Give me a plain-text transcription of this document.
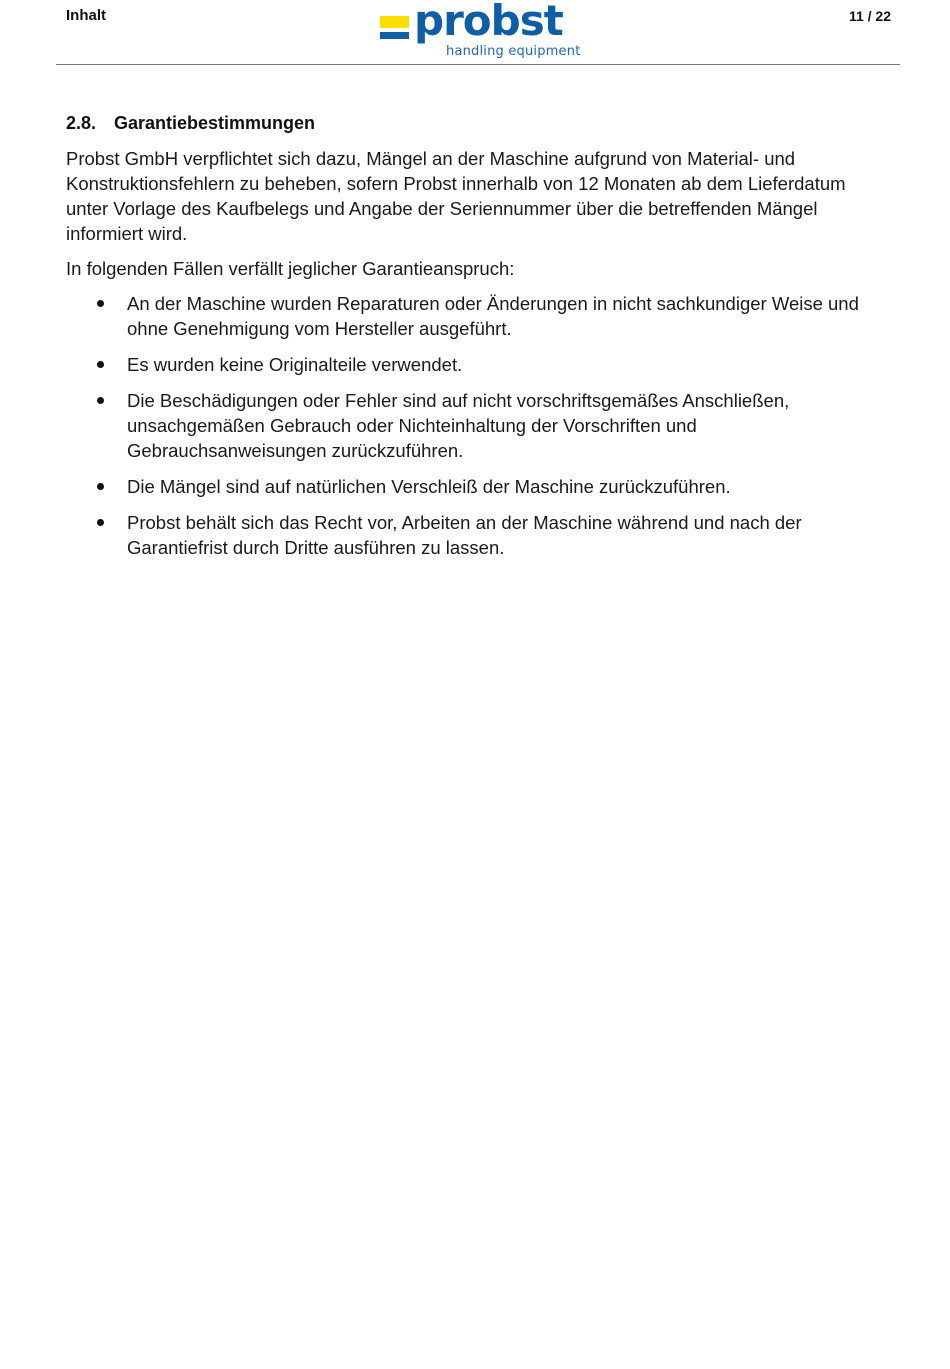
Inhalt	probst
handling equipment
11 / 22
2.8. Garantiebestimmungen

Probst GmbH verpflichtet sich dazu, Mängel an der Maschine aufgrund von Material- und Konstruktionsfehlern zu beheben, sofern Probst innerhalb von 12 Monaten ab dem Lieferdatum unter Vorlage des Kaufbelegs und Angabe der Seriennummer über die betreffenden Mängel informiert wird.

In folgenden Fällen verfällt jeglicher Garantieanspruch:

An der Maschine wurden Reparaturen oder Änderungen in nicht sachkundiger Weise und ohne Genehmigung vom Hersteller ausgeführt.
Es wurden keine Originalteile verwendet.
Die Beschädigungen oder Fehler sind auf nicht vorschriftsgemäßes Anschließen, unsachgemäßen Gebrauch oder Nichteinhaltung der Vorschriften und Gebrauchsanweisungen zurückzuführen.
Die Mängel sind auf natürlichen Verschleiß der Maschine zurückzuführen.
Probst behält sich das Recht vor, Arbeiten an der Maschine während und nach der Garantiefrist durch Dritte ausführen zu lassen.
